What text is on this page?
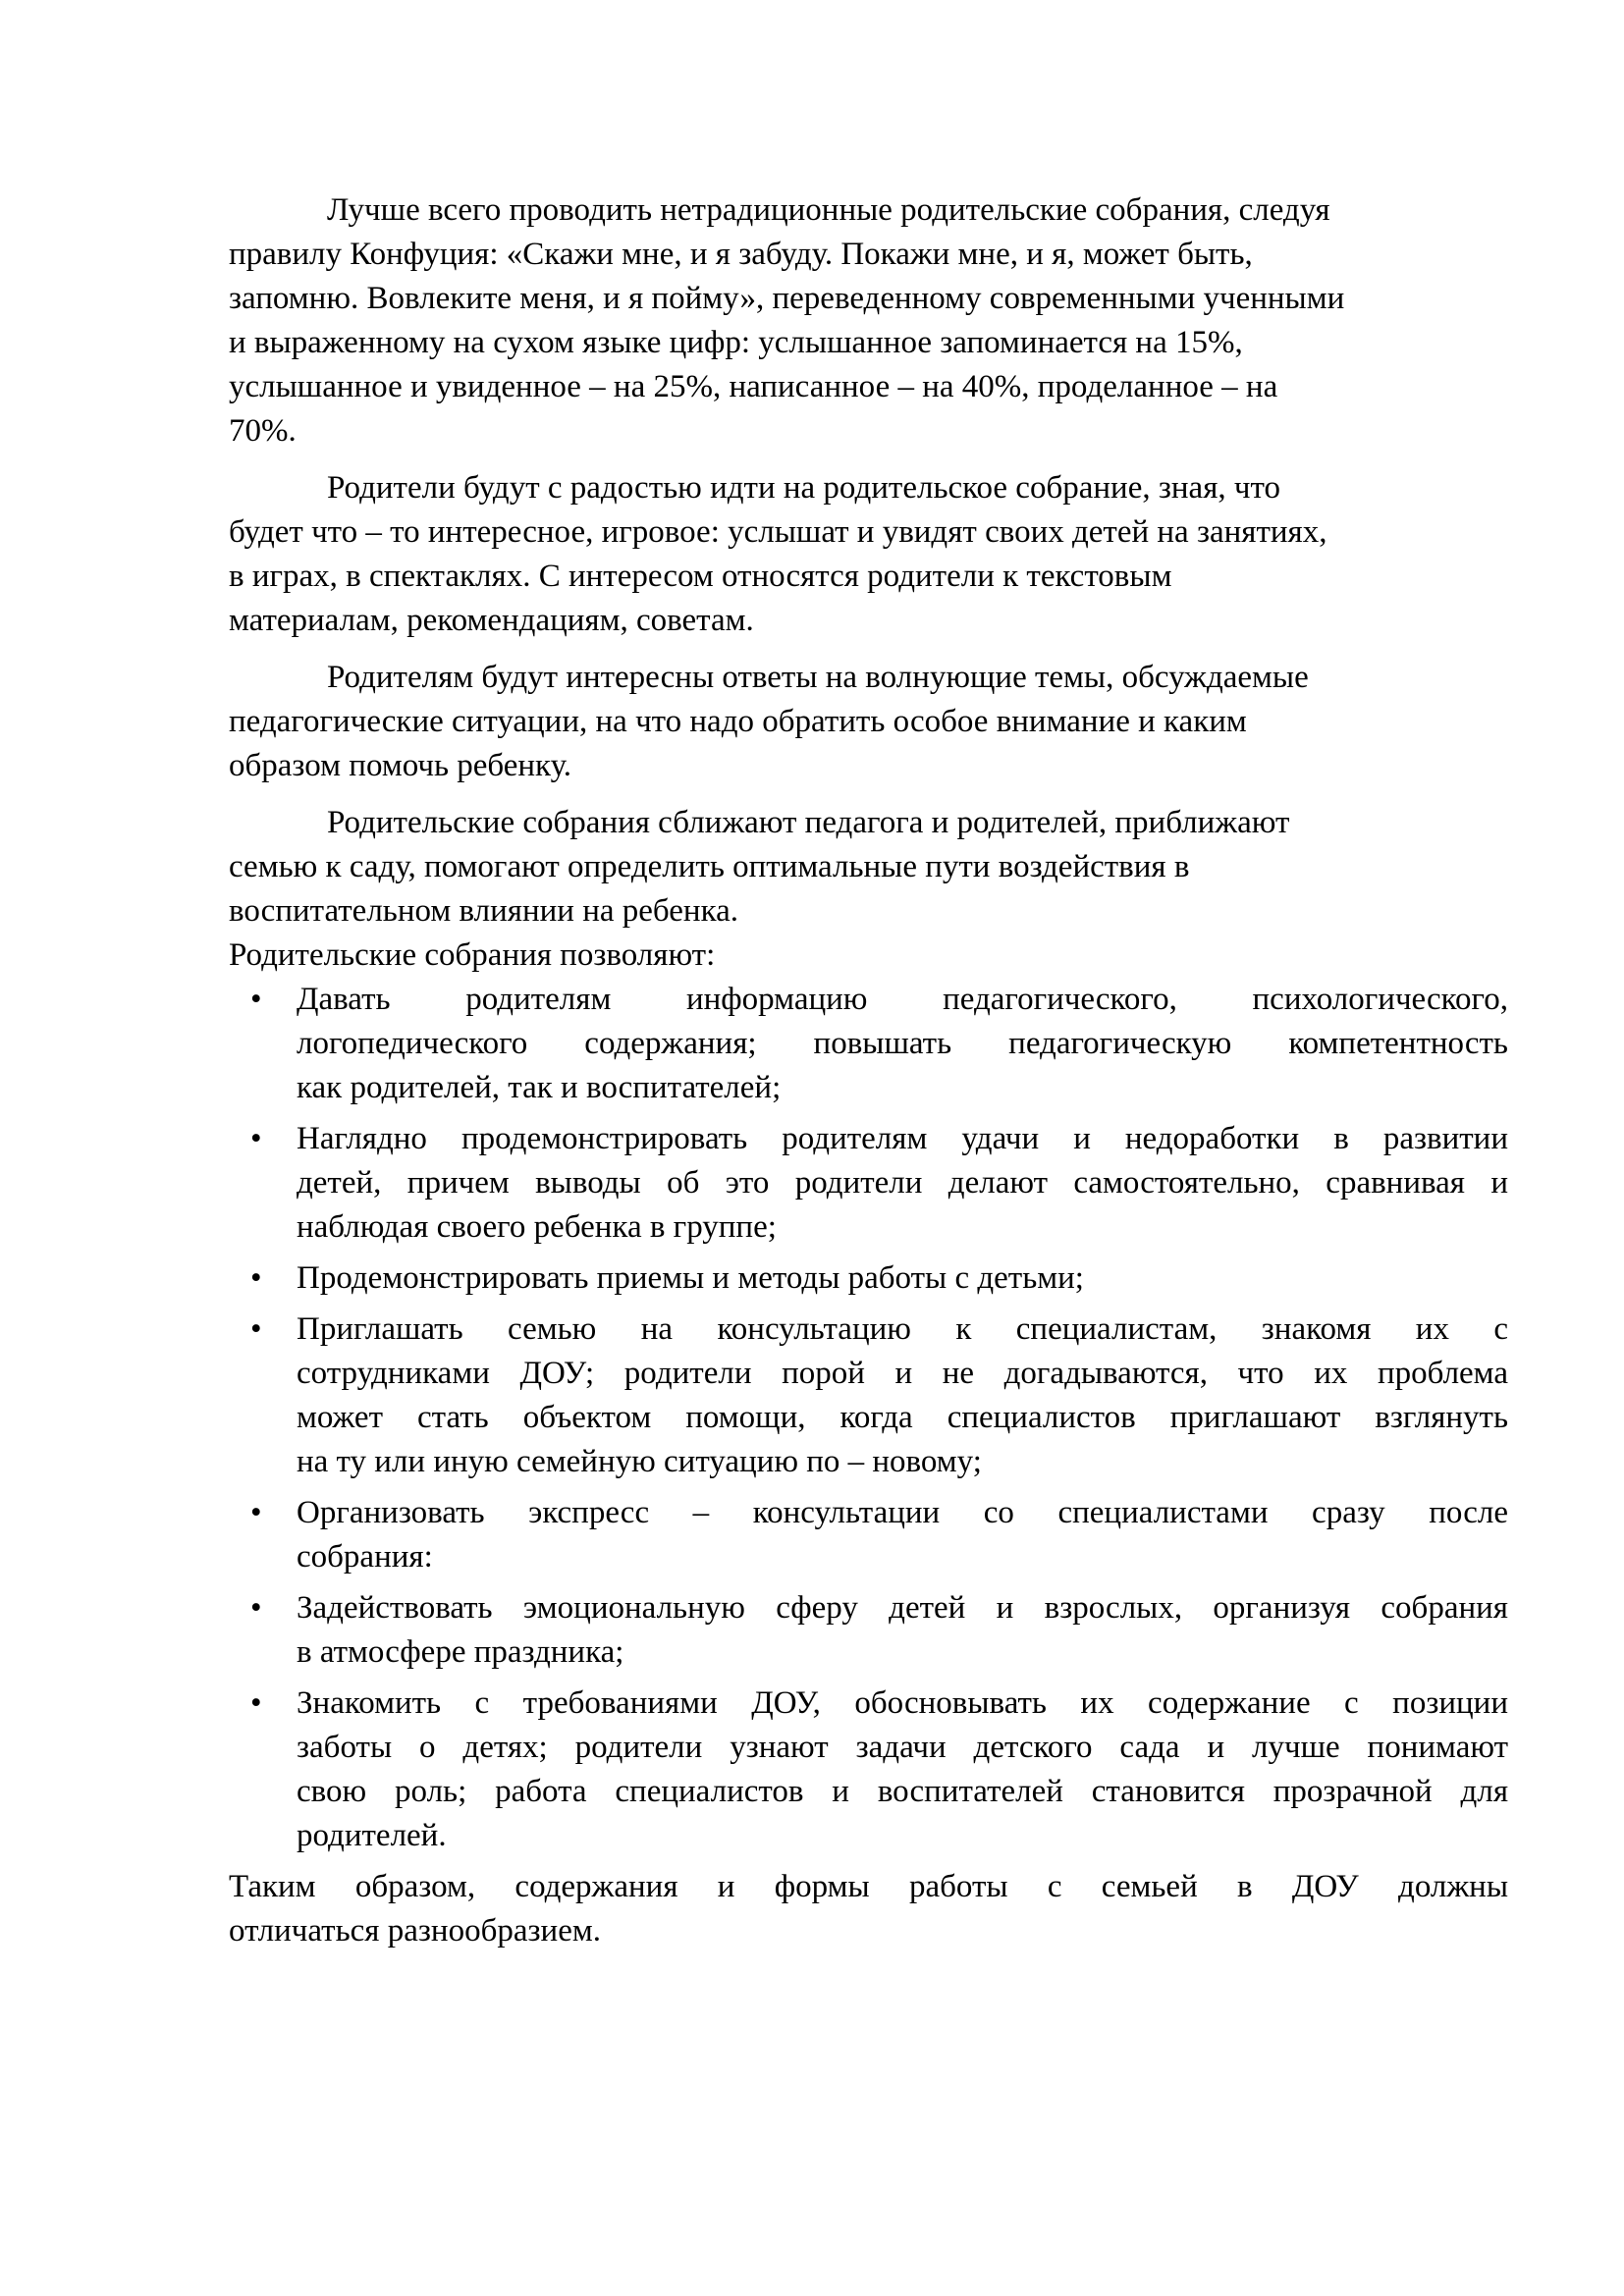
Лучше всего проводить нетрадиционные родительские собрания, следуя
правилу Конфуция: «Скажи мне, и я забуду. Покажи мне, и я, может быть,
запомню. Вовлеките меня, и я пойму», переведенному современными ученными
и выраженному на сухом языке цифр: услышанное запоминается на 15%,
услышанное и увиденное – на 25%, написанное – на 40%, проделанное – на
70%.
Родители будут с радостью идти на родительское собрание, зная, что
будет что – то интересное, игровое: услышат и увидят своих детей на занятиях,
в играх, в спектаклях. С интересом относятся родители к текстовым
материалам, рекомендациям, советам.
Родителям будут интересны ответы на волнующие темы, обсуждаемые
педагогические ситуации, на что надо обратить особое внимание и каким
образом помочь ребенку.
Родительские собрания сближают педагога и родителей, приближают
семью к саду, помогают определить оптимальные пути воздействия в
воспитательном влиянии на ребенка.
Родительские собрания позволяют:
• Давать родителям информацию педагогического, психологического,
логопедического содержания; повышать педагогическую компетентность
как родителей, так и воспитателей;
• Наглядно продемонстрировать родителям удачи и недоработки в развитии
детей, причем выводы об это родители делают самостоятельно, сравнивая и
наблюдая своего ребенка в группе;
• Продемонстрировать приемы и методы работы с детьми;
• Приглашать семью на консультацию к специалистам, знакомя их с
сотрудниками ДОУ; родители порой и не догадываются, что их проблема
может стать объектом помощи, когда специалистов приглашают взглянуть
на ту или иную семейную ситуацию по – новому;
• Организовать экспресс – консультации со специалистами сразу после
собрания:
• Задействовать эмоциональную сферу детей и взрослых, организуя собрания
в атмосфере праздника;
• Знакомить с требованиями ДОУ, обосновывать их содержание с позиции
заботы о детях; родители узнают задачи детского сада и лучше понимают
свою роль; работа специалистов и воспитателей становится прозрачной для
родителей.
Таким образом, содержания и формы работы с семьей в ДОУ должны
отличаться разнообразием.
